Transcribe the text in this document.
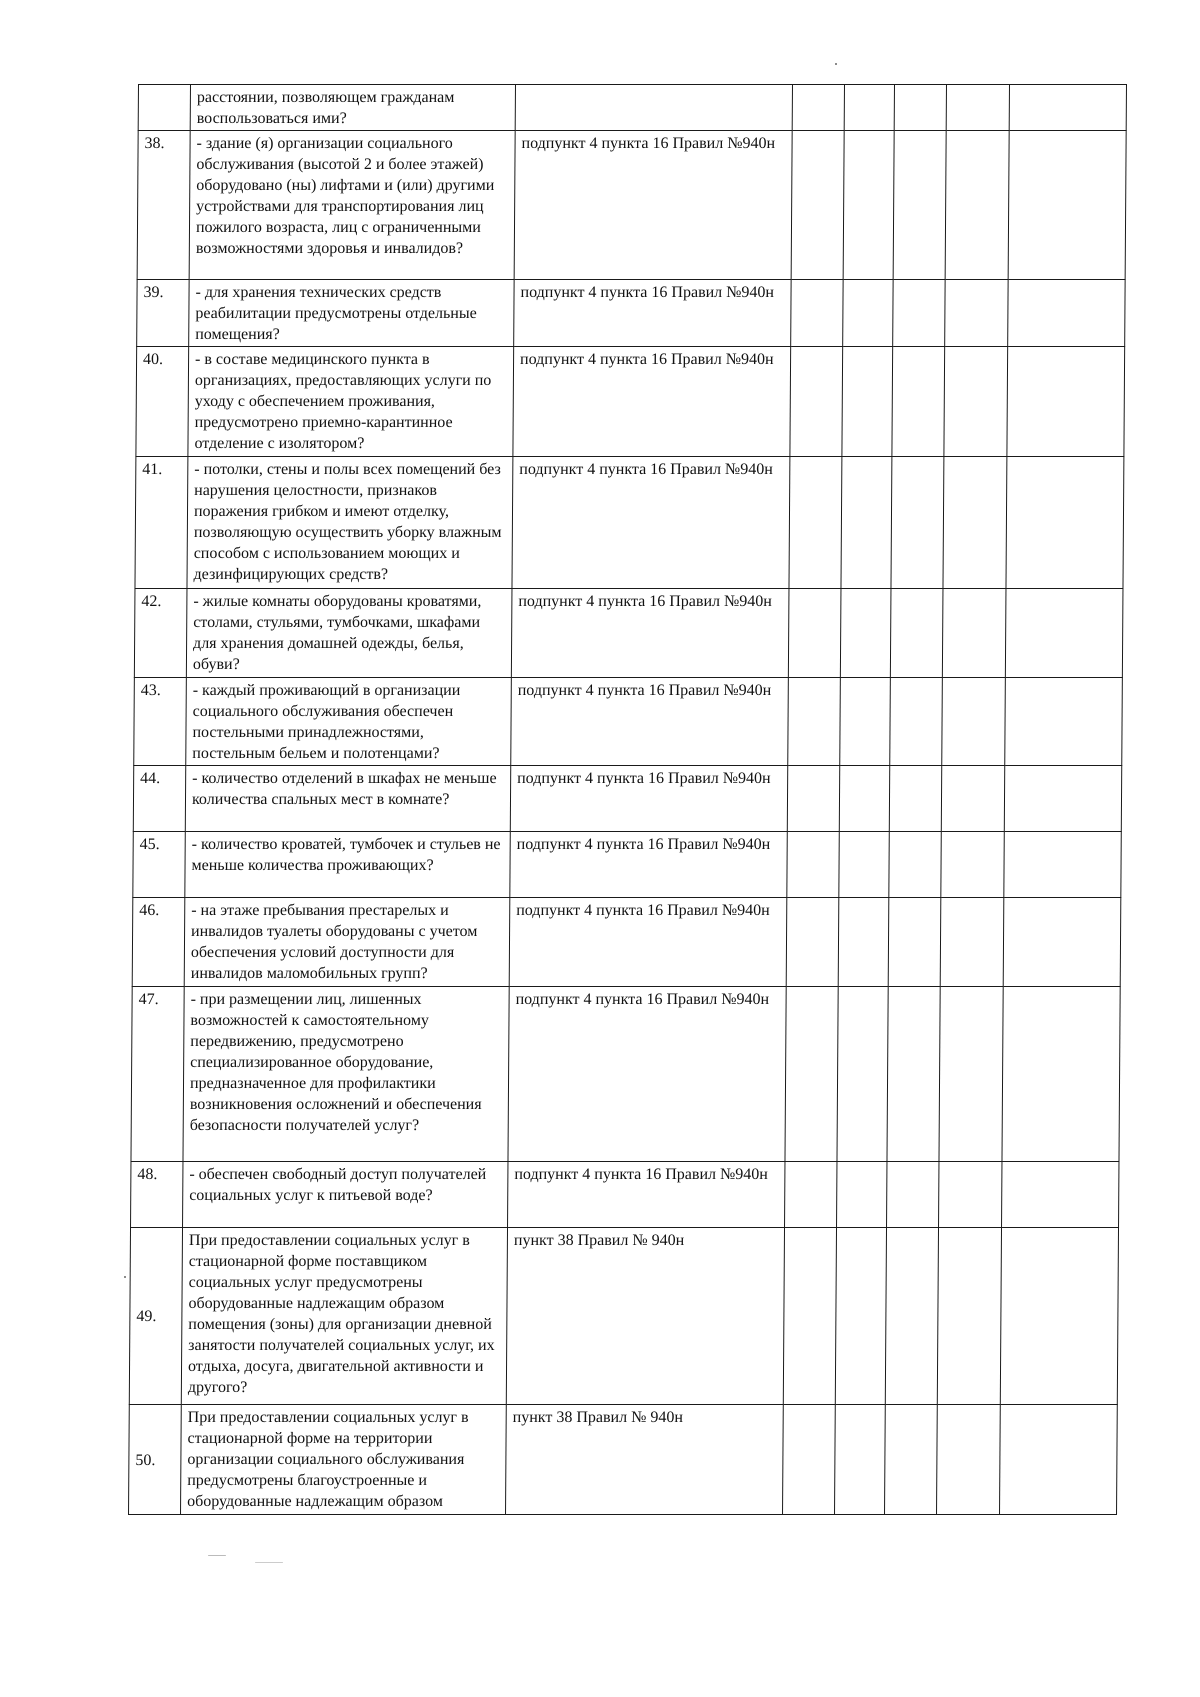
	расстоянии, позволяющем гражданам воспользоваться ими?						
38.	- здание (я) организации социального обслуживания (высотой 2 и более этажей) оборудовано (ны) лифтами и (или) другими устройствами для транспортирования лиц пожилого возраста, лиц с ограниченными возможностями здоровья и инвалидов?	подпункт 4 пункта 16 Правил №940н					
39.	- для хранения технических средств реабилитации предусмотрены отдельные помещения?	подпункт 4 пункта 16 Правил №940н					
40.	- в составе медицинского пункта в организациях, предоставляющих услуги по уходу с обеспечением проживания, предусмотрено приемно-карантинное отделение с изолятором?	подпункт 4 пункта 16 Правил №940н					
41.	- потолки, стены и полы всех помещений без нарушения целостности, признаков поражения грибком и имеют отделку, позволяющую осуществить уборку влажным способом с использованием моющих и дезинфицирующих средств?	подпункт 4 пункта 16 Правил №940н					
42.	- жилые комнаты оборудованы кроватями, столами, стульями, тумбочками, шкафами для хранения домашней одежды, белья, обуви?	подпункт 4 пункта 16 Правил №940н					
43.	- каждый проживающий в организации социального обслуживания обеспечен постельными принадлежностями, постельным бельем и полотенцами?	подпункт 4 пункта 16 Правил №940н					
44.	- количество отделений в шкафах не меньше количества спальных мест в комнате?	подпункт 4 пункта 16 Правил №940н					
45.	- количество кроватей, тумбочек и стульев не меньше количества проживающих?	подпункт 4 пункта 16 Правил №940н					
46.	- на этаже пребывания престарелых и инвалидов туалеты оборудованы с учетом обеспечения условий доступности для инвалидов маломобильных групп?	подпункт 4 пункта 16 Правил №940н					
47.	- при размещении лиц, лишенных возможностей к самостоятельному передвижению, предусмотрено специализированное оборудование, предназначенное для профилактики возникновения осложнений и обеспечения безопасности получателей услуг?	подпункт 4 пункта 16 Правил №940н					
48.	- обеспечен свободный доступ получателей социальных услуг к питьевой воде?	подпункт 4 пункта 16 Правил №940н					
49.	При предоставлении социальных услуг в стационарной форме поставщиком социальных услуг предусмотрены оборудованные надлежащим образом помещения (зоны) для организации дневной занятости получателей социальных услуг, их отдыха, досуга, двигательной активности и другого?	пункт 38 Правил № 940н					
50.	При предоставлении социальных услуг в стационарной форме на территории организации социального обслуживания предусмотрены благоустроенные и оборудованные надлежащим образом	пункт 38 Правил № 940н					
